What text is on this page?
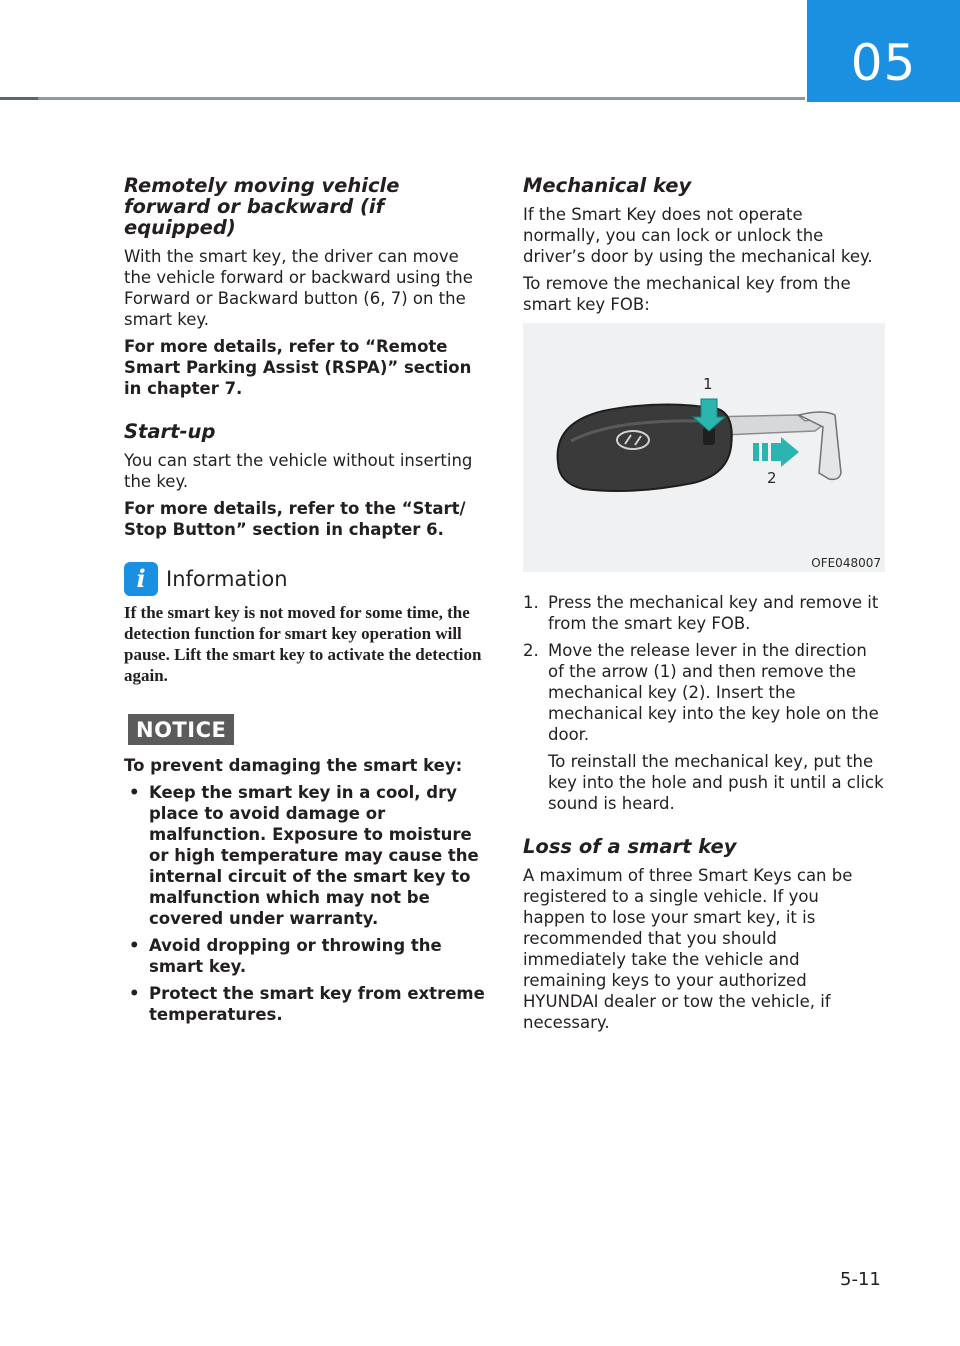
05
Remotely moving vehicle forward or backward (if equipped)

With the smart key, the driver can move the vehicle forward or backward using the Forward or Backward button (6, 7) on the smart key.

For more details, refer to “Remote Smart Parking Assist (RSPA)” section in chapter 7.

Start-up

You can start the vehicle without inserting the key.

For more details, refer to the “Start/ Stop Button” section in chapter 6.

i Information

If the smart key is not moved for some time, the detection function for smart key operation will pause. Lift the smart key to activate the detection again.

NOTICE

To prevent damaging the smart key:

• Keep the smart key in a cool, dry place to avoid damage or malfunction. Exposure to moisture or high temperature may cause the internal circuit of the smart key to malfunction which may not be covered under warranty.
• Avoid dropping or throwing the smart key.
• Protect the smart key from extreme temperatures.
Mechanical key

If the Smart Key does not operate normally, you can lock or unlock the driver’s door by using the mechanical key.

To remove the mechanical key from the smart key FOB:

1
2
OFE048007
1. Press the mechanical key and remove it from the smart key FOB.
2. Move the release lever in the direction of the arrow (1) and then remove the mechanical key (2). Insert the mechanical key into the key hole on the door.
To reinstall the mechanical key, put the key into the hole and push it until a click sound is heard.
Loss of a smart key

A maximum of three Smart Keys can be registered to a single vehicle. If you happen to lose your smart key, it is recommended that you should immediately take the vehicle and remaining keys to your authorized HYUNDAI dealer or tow the vehicle, if necessary.

5-11
